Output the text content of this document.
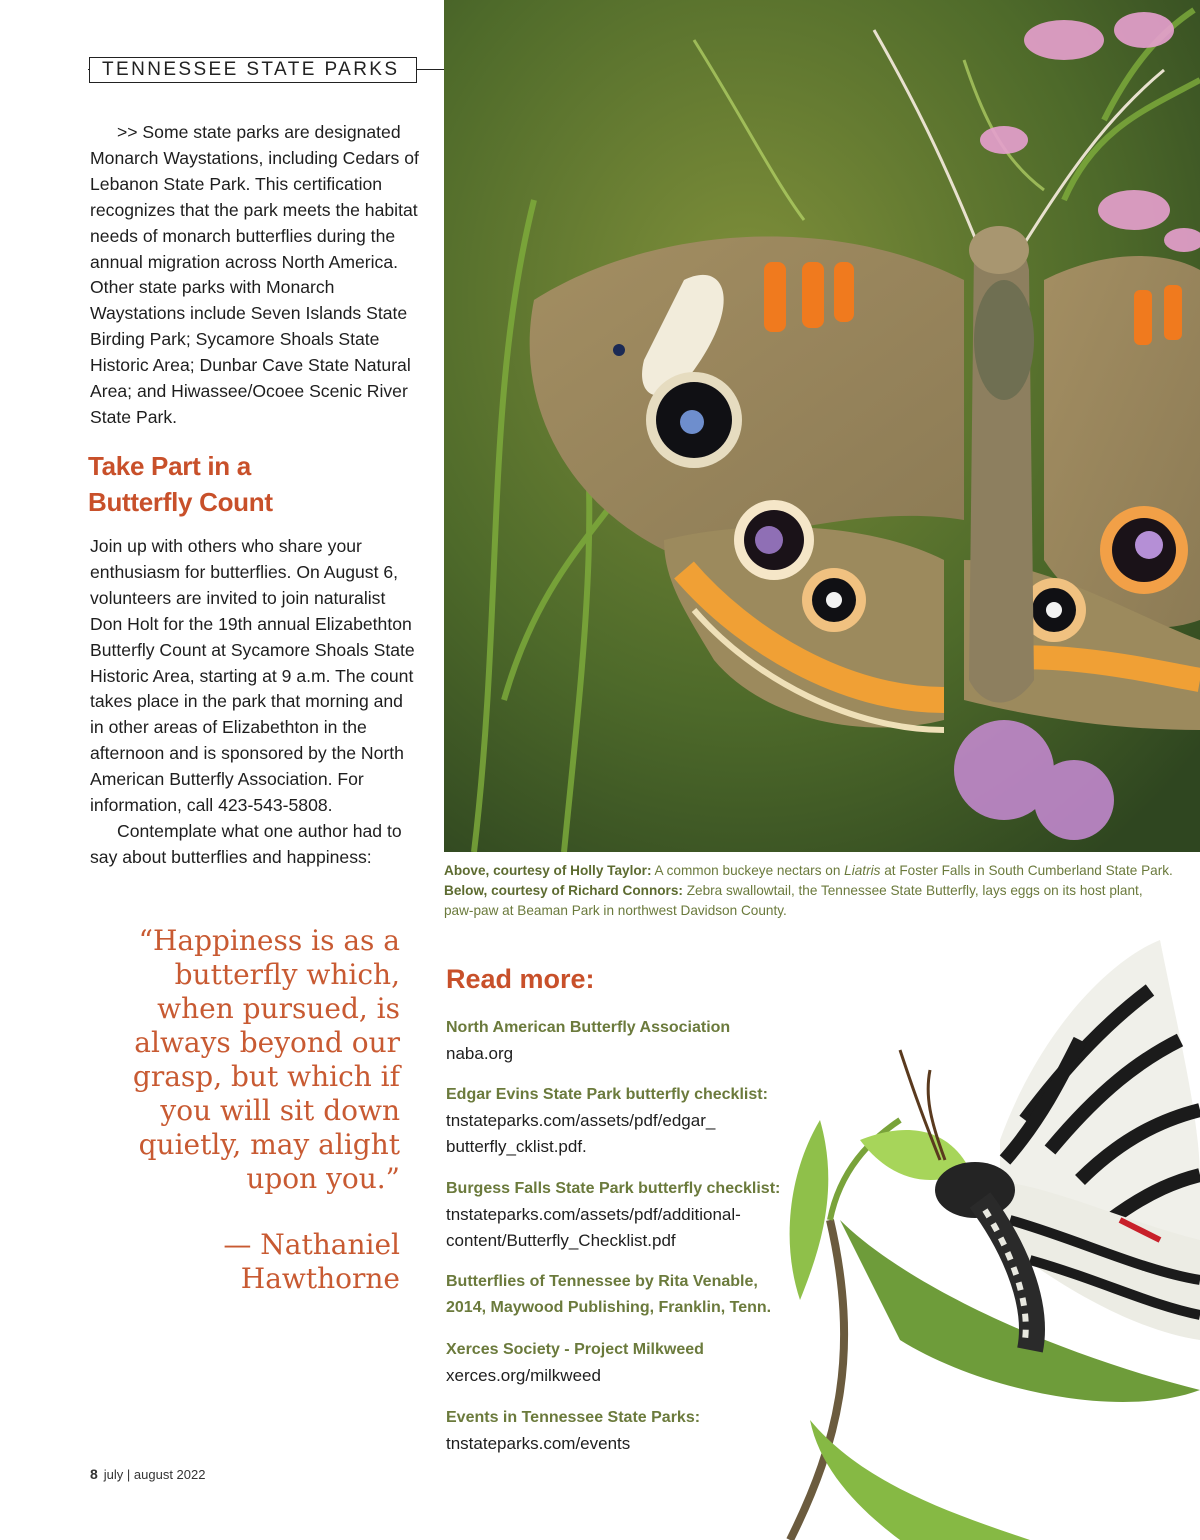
TENNESSEE STATE PARKS

>> Some state parks are designated Monarch Waystations, including Cedars of Lebanon State Park. This certification recognizes that the park meets the habitat needs of monarch butterflies during the annual migration across North America. Other state parks with Monarch Waystations include Seven Islands State Birding Park; Sycamore Shoals State Historic Area; Dunbar Cave State Natural Area; and Hiwassee/Ocoee Scenic River State Park.

Take Part in a
Butterfly Count

Join up with others who share your enthusiasm for butterflies. On August 6, volunteers are invited to join naturalist Don Holt for the 19th annual Elizabethton Butterfly Count at Sycamore Shoals State Historic Area, starting at 9 a.m. The count takes place in the park that morning and in other areas of Elizabethton in the afternoon and is sponsored by the North American Butterfly Association. For information, call 423-543-5808.

Contemplate what one author had to say about butterflies and happiness:

“Happiness is as a butterfly which, when pursued, is always beyond our grasp, but which if you will sit down quietly, may alight upon you.”
— Nathaniel Hawthorne
8 july | august 2022
Above, courtesy of Holly Taylor: A common buckeye nectars on Liatris at Foster Falls in South Cumberland State Park. Below, courtesy of Richard Connors: Zebra swallowtail, the Tennessee State Butterfly, lays eggs on its host plant, paw-paw at Beaman Park in northwest Davidson County.
Read more:
North American Butterfly Association
naba.org
Edgar Evins State Park butterfly checklist:
tnstateparks.com/assets/pdf/edgar_ butterfly_cklist.pdf.
Burgess Falls State Park butterfly checklist:
tnstateparks.com/assets/pdf/additional-content/Butterfly_Checklist.pdf
Butterflies of Tennessee by Rita Venable, 2014, Maywood Publishing, Franklin, Tenn.
Xerces Society - Project Milkweed
xerces.org/milkweed
Events in Tennessee State Parks:
tnstateparks.com/events
